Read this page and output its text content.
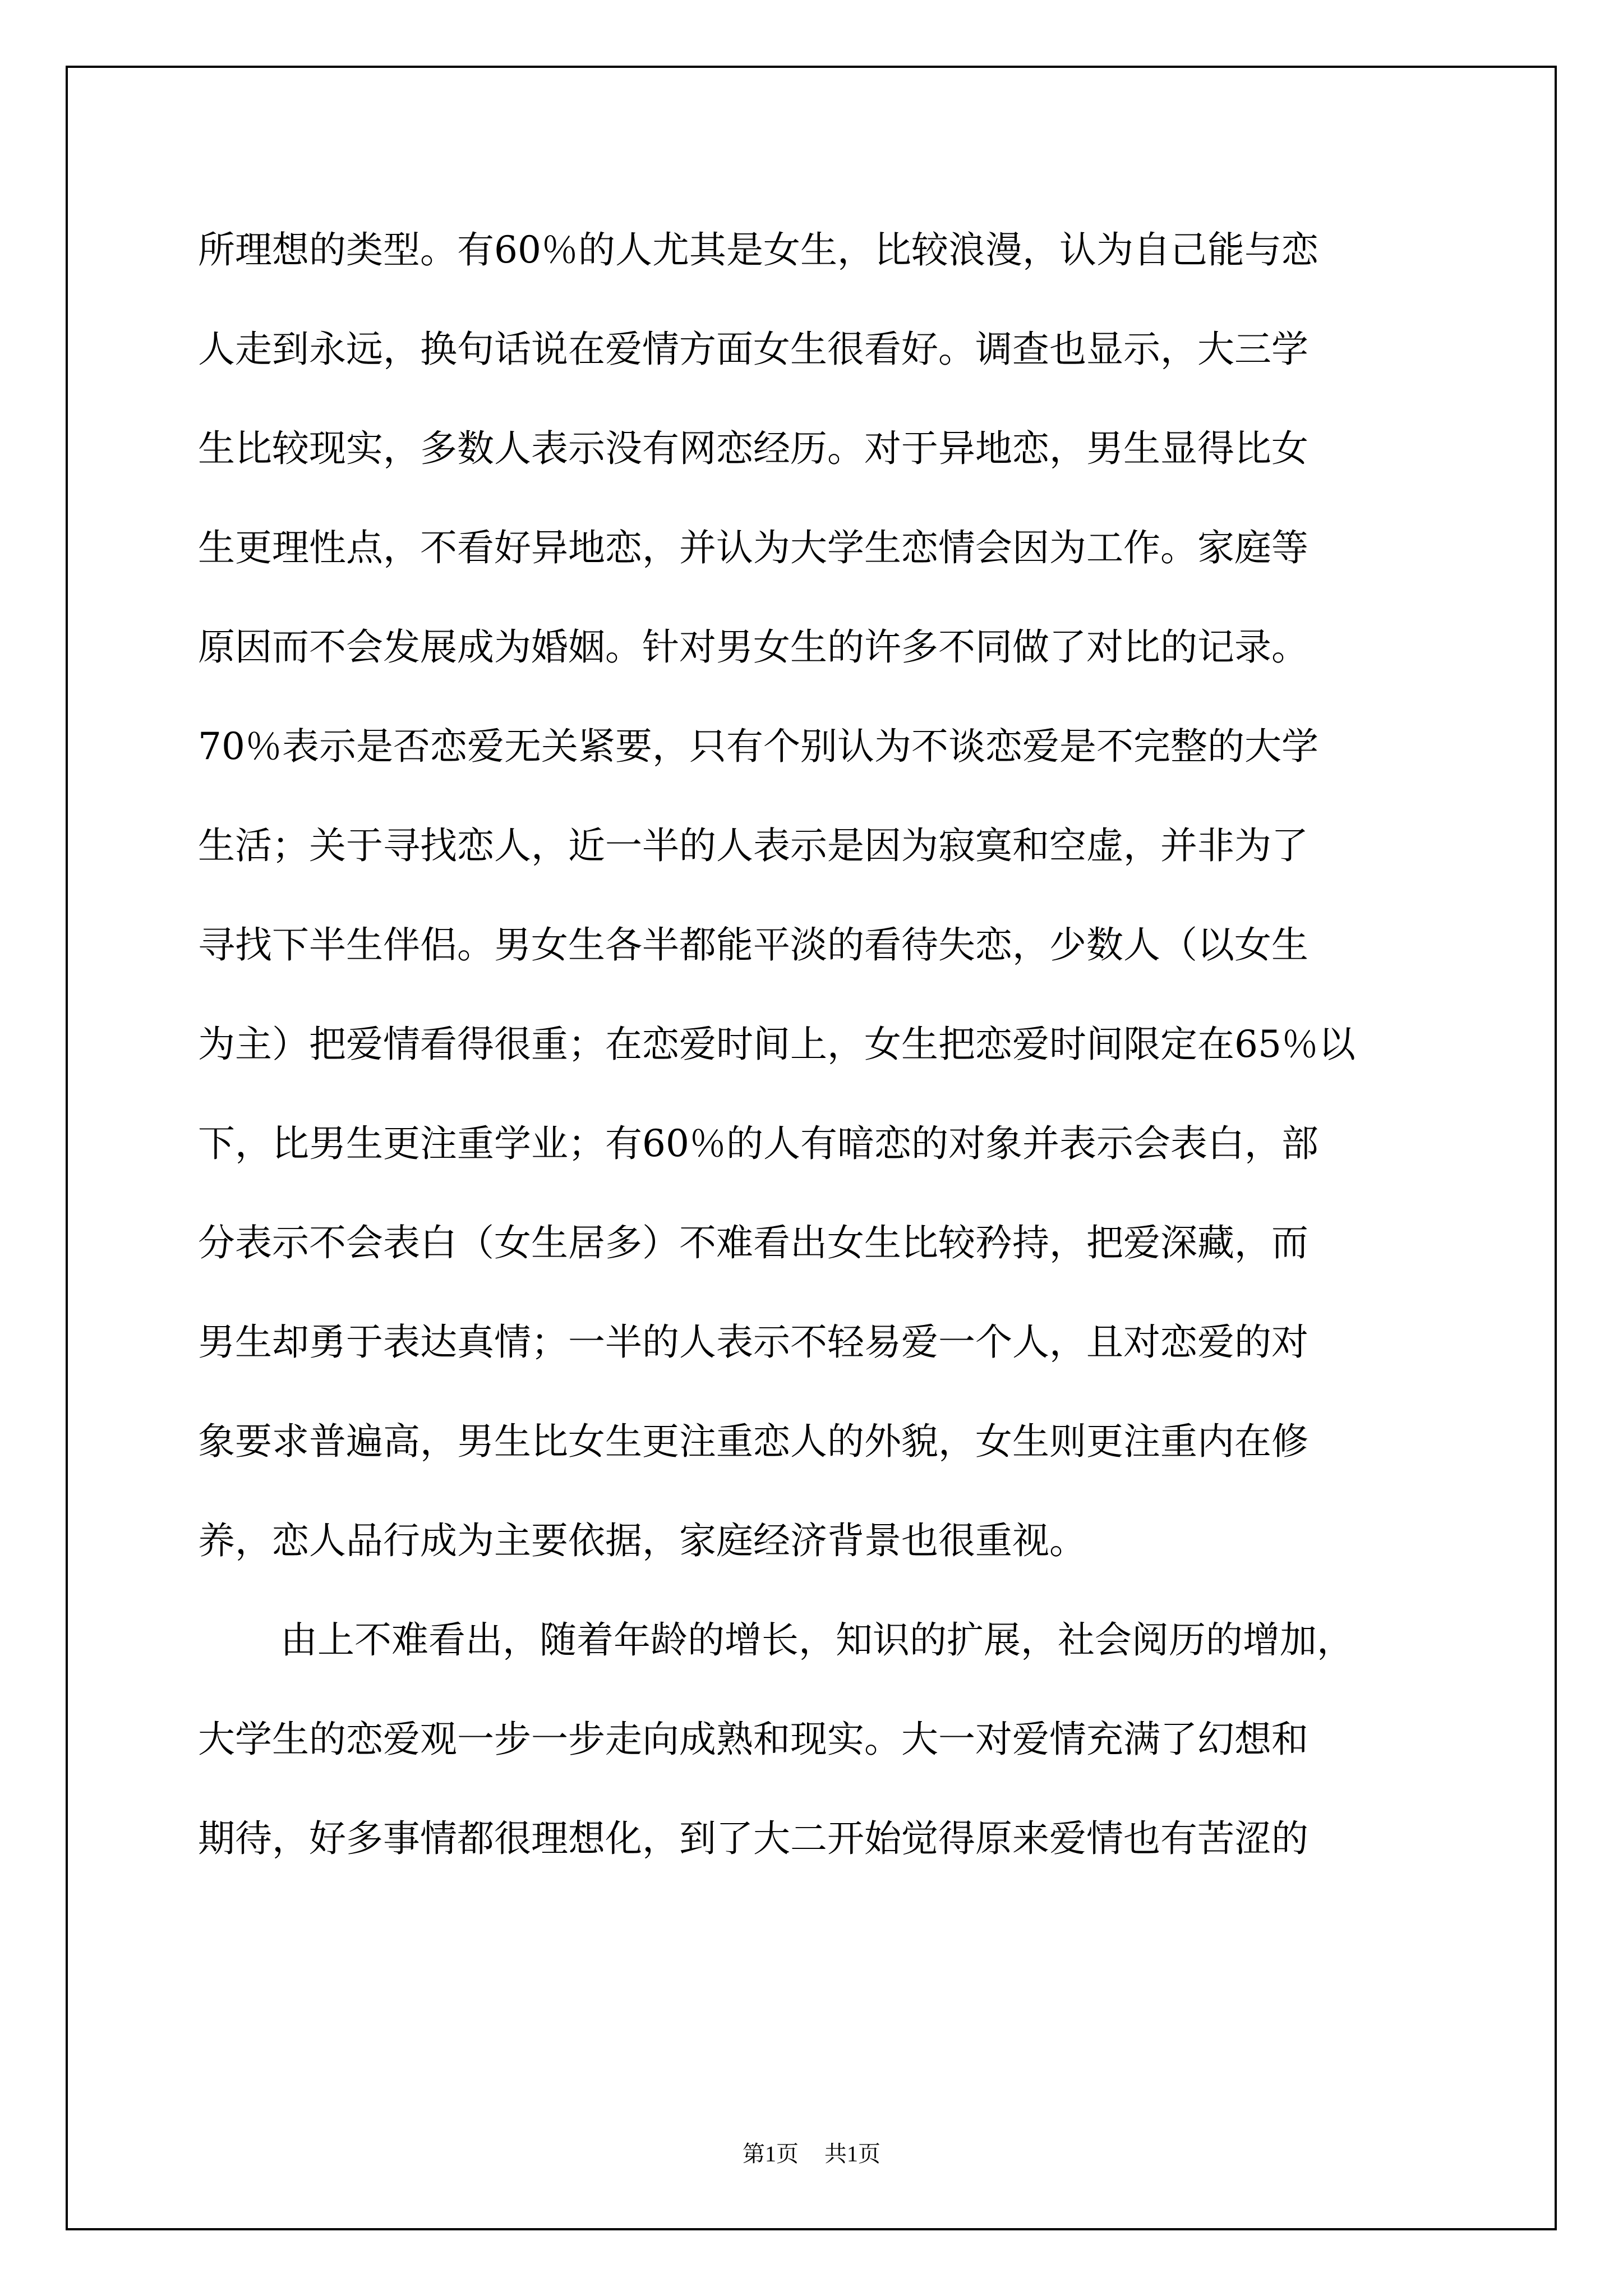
所理想的类型。有60％的人尤其是女生，比较浪漫，认为自己能与恋
人走到永远，换句话说在爱情方面女生很看好。调查也显示，大三学
生比较现实，多数人表示没有网恋经历。对于异地恋，男生显得比女
生更理性点，不看好异地恋，并认为大学生恋情会因为工作。家庭等
原因而不会发展成为婚姻。针对男女生的许多不同做了对比的记录。
70％表示是否恋爱无关紧要，只有个别认为不谈恋爱是不完整的大学
生活；关于寻找恋人，近一半的人表示是因为寂寞和空虚，并非为了
寻找下半生伴侣。男女生各半都能平淡的看待失恋，少数人（以女生
为主）把爱情看得很重；在恋爱时间上，女生把恋爱时间限定在65％以
下，比男生更注重学业；有60％的人有暗恋的对象并表示会表白，部
分表示不会表白（女生居多）不难看出女生比较矜持，把爱深藏，而
男生却勇于表达真情；一半的人表示不轻易爱一个人，且对恋爱的对
象要求普遍高，男生比女生更注重恋人的外貌，女生则更注重内在修
养，恋人品行成为主要依据，家庭经济背景也很重视。
由上不难看出，随着年龄的增长，知识的扩展，社会阅历的增加，
大学生的恋爱观一步一步走向成熟和现实。大一对爱情充满了幻想和
期待，好多事情都很理想化，到了大二开始觉得原来爱情也有苦涩的
第1页 共1页
